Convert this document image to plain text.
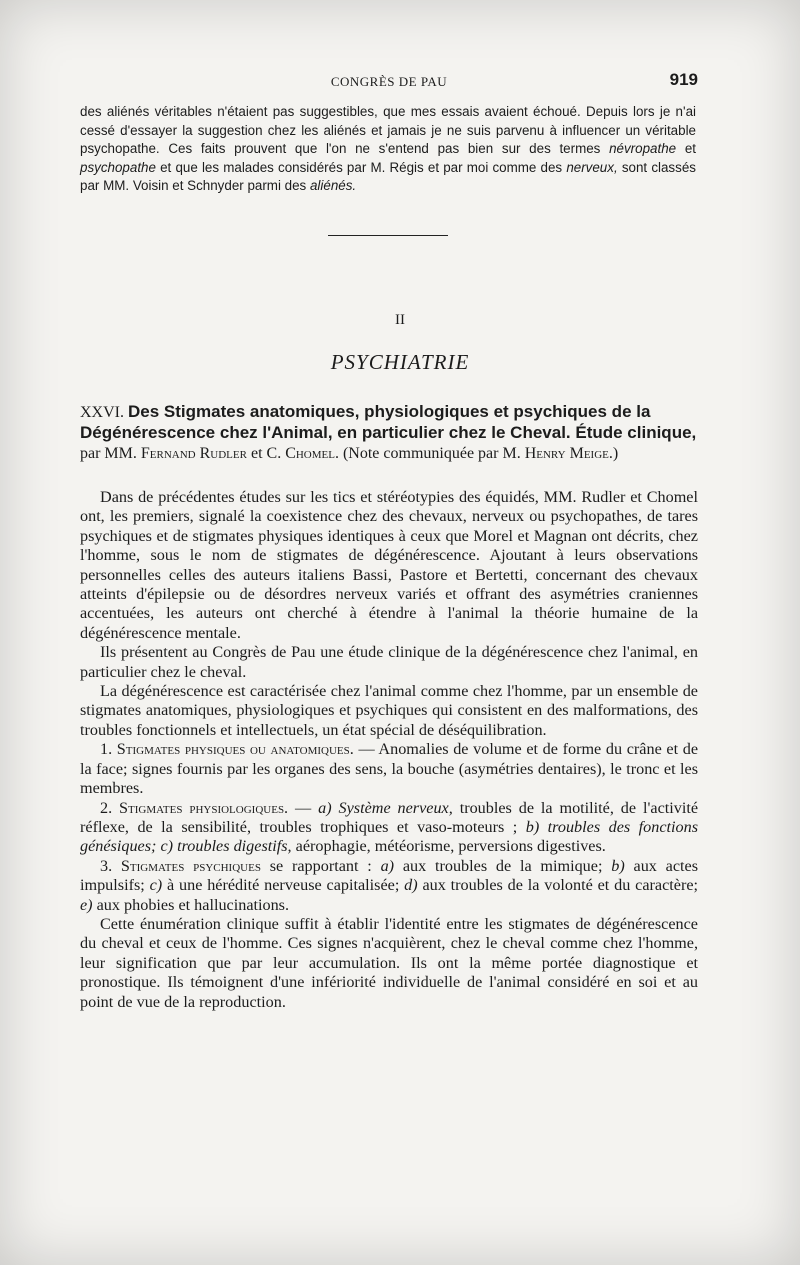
CONGRÈS DE PAU	919

des aliénés véritables n'étaient pas suggestibles, que mes essais avaient échoué. Depuis lors je n'ai cessé d'essayer la suggestion chez les aliénés et jamais je ne suis parvenu à influencer un véritable psychopathe. Ces faits prouvent que l'on ne s'entend pas bien sur des termes névropathe et psychopathe et que les malades considérés par M. Régis et par moi comme des nerveux, sont classés par MM. Voisin et Schnyder parmi des aliénés.

II
PSYCHIATRIE
XXVI. Des Stigmates anatomiques, physiologiques et psychiques de la Dégénérescence chez l'Animal, en particulier chez le Cheval. Étude clinique, par MM. Fernand Rudler et C. Chomel. (Note communiquée par M. Henry Meige.)

Dans de précédentes études sur les tics et stéréotypies des équidés, MM. Rudler et Chomel ont, les premiers, signalé la coexistence chez des chevaux, nerveux ou psychopathes, de tares psychiques et de stigmates physiques identiques à ceux que Morel et Magnan ont décrits, chez l'homme, sous le nom de stigmates de dégénérescence. Ajoutant à leurs observations personnelles celles des auteurs italiens Bassi, Pastore et Bertetti, concernant des chevaux atteints d'épilepsie ou de désordres nerveux variés et offrant des asymétries craniennes accentuées, les auteurs ont cherché à étendre à l'animal la théorie humaine de la dégénérescence mentale.

Ils présentent au Congrès de Pau une étude clinique de la dégénérescence chez l'animal, en particulier chez le cheval.

La dégénérescence est caractérisée chez l'animal comme chez l'homme, par un ensemble de stigmates anatomiques, physiologiques et psychiques qui consistent en des malformations, des troubles fonctionnels et intellectuels, un état spécial de déséquilibration.

1. Stigmates physiques ou anatomiques. — Anomalies de volume et de forme du crâne et de la face; signes fournis par les organes des sens, la bouche (asymétries dentaires), le tronc et les membres.

2. Stigmates physiologiques. — a) Système nerveux, troubles de la motilité, de l'activité réflexe, de la sensibilité, troubles trophiques et vaso-moteurs ; b) troubles des fonctions génésiques; c) troubles digestifs, aérophagie, météorisme, perversions digestives.

3. Stigmates psychiques se rapportant : a) aux troubles de la mimique; b) aux actes impulsifs; c) à une hérédité nerveuse capitalisée; d) aux troubles de la volonté et du caractère; e) aux phobies et hallucinations.

Cette énumération clinique suffit à établir l'identité entre les stigmates de dégénérescence du cheval et ceux de l'homme. Ces signes n'acquièrent, chez le cheval comme chez l'homme, leur signification que par leur accumulation. Ils ont la même portée diagnostique et pronostique. Ils témoignent d'une infériorité individuelle de l'animal considéré en soi et au point de vue de la reproduction.
